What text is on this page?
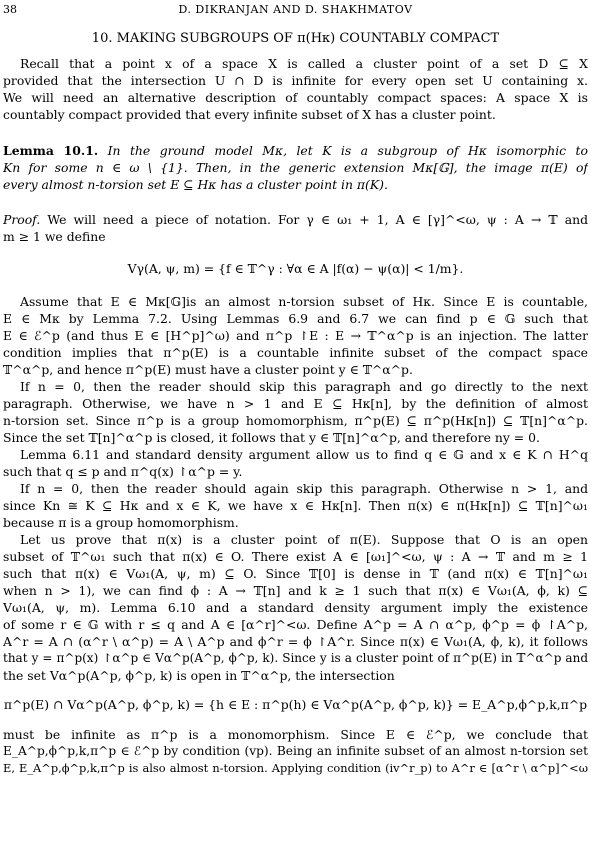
38	D. DIKRANJAN AND D. SHAKHMATOV
10. MAKING SUBGROUPS OF π(Hκ) COUNTABLY COMPACT

Recall that a point x of a space X is called a cluster point of a set D ⊆ X

provided that the intersection U ∩ D is infinite for every open set U containing x.

We will need an alternative description of countably compact spaces: A space X is

countably compact provided that every infinite subset of X has a cluster point.

Lemma 10.1. In the ground model Mκ, let K is a subgroup of Hκ isomorphic to

Kn for some n ∈ ω \ {1}. Then, in the generic extension Mκ[𝔾], the image π(E) of

every almost n-torsion set E ⊆ Hκ has a cluster point in π(K).

Proof. We will need a piece of notation. For γ ∈ ω₁ + 1, A ∈ [γ]^<ω, ψ : A → 𝕋 and

m ≥ 1 we define

Vγ(A, ψ, m) = {f ∈ 𝕋^γ : ∀α ∈ A |f(α) − ψ(α)| < 1/m}.

Assume that E ∈ Mκ[𝔾]is an almost n-torsion subset of Hκ. Since E is countable,

E ∈ Mκ by Lemma 7.2. Using Lemmas 6.9 and 6.7 we can find p ∈ 𝔾 such that

E ∈ ℰ^p (and thus E ∈ [H^p]^ω) and π^p ↾E : E → 𝕋^α^p is an injection. The latter

condition implies that π^p(E) is a countable infinite subset of the compact space

𝕋^α^p, and hence π^p(E) must have a cluster point y ∈ 𝕋^α^p.

If n = 0, then the reader should skip this paragraph and go directly to the next

paragraph. Otherwise, we have n > 1 and E ⊆ Hκ[n], by the definition of almost

n-torsion set. Since π^p is a group homomorphism, π^p(E) ⊆ π^p(Hκ[n]) ⊆ 𝕋[n]^α^p.

Since the set 𝕋[n]^α^p is closed, it follows that y ∈ 𝕋[n]^α^p, and therefore ny = 0.

Lemma 6.11 and standard density argument allow us to find q ∈ 𝔾 and x ∈ K ∩ H^q

such that q ≤ p and π^q(x) ↾α^p = y.

If n = 0, then the reader should again skip this paragraph. Otherwise n > 1, and

since Kn ≅ K ⊆ Hκ and x ∈ K, we have x ∈ Hκ[n]. Then π(x) ∈ π(Hκ[n]) ⊆ 𝕋[n]^ω₁

because π is a group homomorphism.

Let us prove that π(x) is a cluster point of π(E). Suppose that O is an open

subset of 𝕋^ω₁ such that π(x) ∈ O. There exist A ∈ [ω₁]^<ω, ψ : A → 𝕋 and m ≥ 1

such that π(x) ∈ Vω₁(A, ψ, m) ⊆ O. Since 𝕋[0] is dense in 𝕋 (and π(x) ∈ 𝕋[n]^ω₁

when n > 1), we can find ϕ : A → 𝕋[n] and k ≥ 1 such that π(x) ∈ Vω₁(A, ϕ, k) ⊆

Vω₁(A, ψ, m). Lemma 6.10 and a standard density argument imply the existence

of some r ∈ 𝔾 with r ≤ q and A ∈ [α^r]^<ω. Define A^p = A ∩ α^p, ϕ^p = ϕ ↾A^p,

A^r = A ∩ (α^r \ α^p) = A \ A^p and ϕ^r = ϕ ↾A^r. Since π(x) ∈ Vω₁(A, ϕ, k), it follows

that y = π^p(x) ↾α^p ∈ Vα^p(A^p, ϕ^p, k). Since y is a cluster point of π^p(E) in 𝕋^α^p and

the set Vα^p(A^p, ϕ^p, k) is open in 𝕋^α^p, the intersection

π^p(E) ∩ Vα^p(A^p, ϕ^p, k) = {h ∈ E : π^p(h) ∈ Vα^p(A^p, ϕ^p, k)} = E_A^p,ϕ^p,k,π^p

must be infinite as π^p is a monomorphism. Since E ∈ ℰ^p, we conclude that

E_A^p,ϕ^p,k,π^p ∈ ℰ^p by condition (vp). Being an infinite subset of an almost n-torsion set

E, E_A^p,ϕ^p,k,π^p is also almost n-torsion. Applying condition (iv^r_p) to A^r ∈ [α^r \ α^p]^<ω
